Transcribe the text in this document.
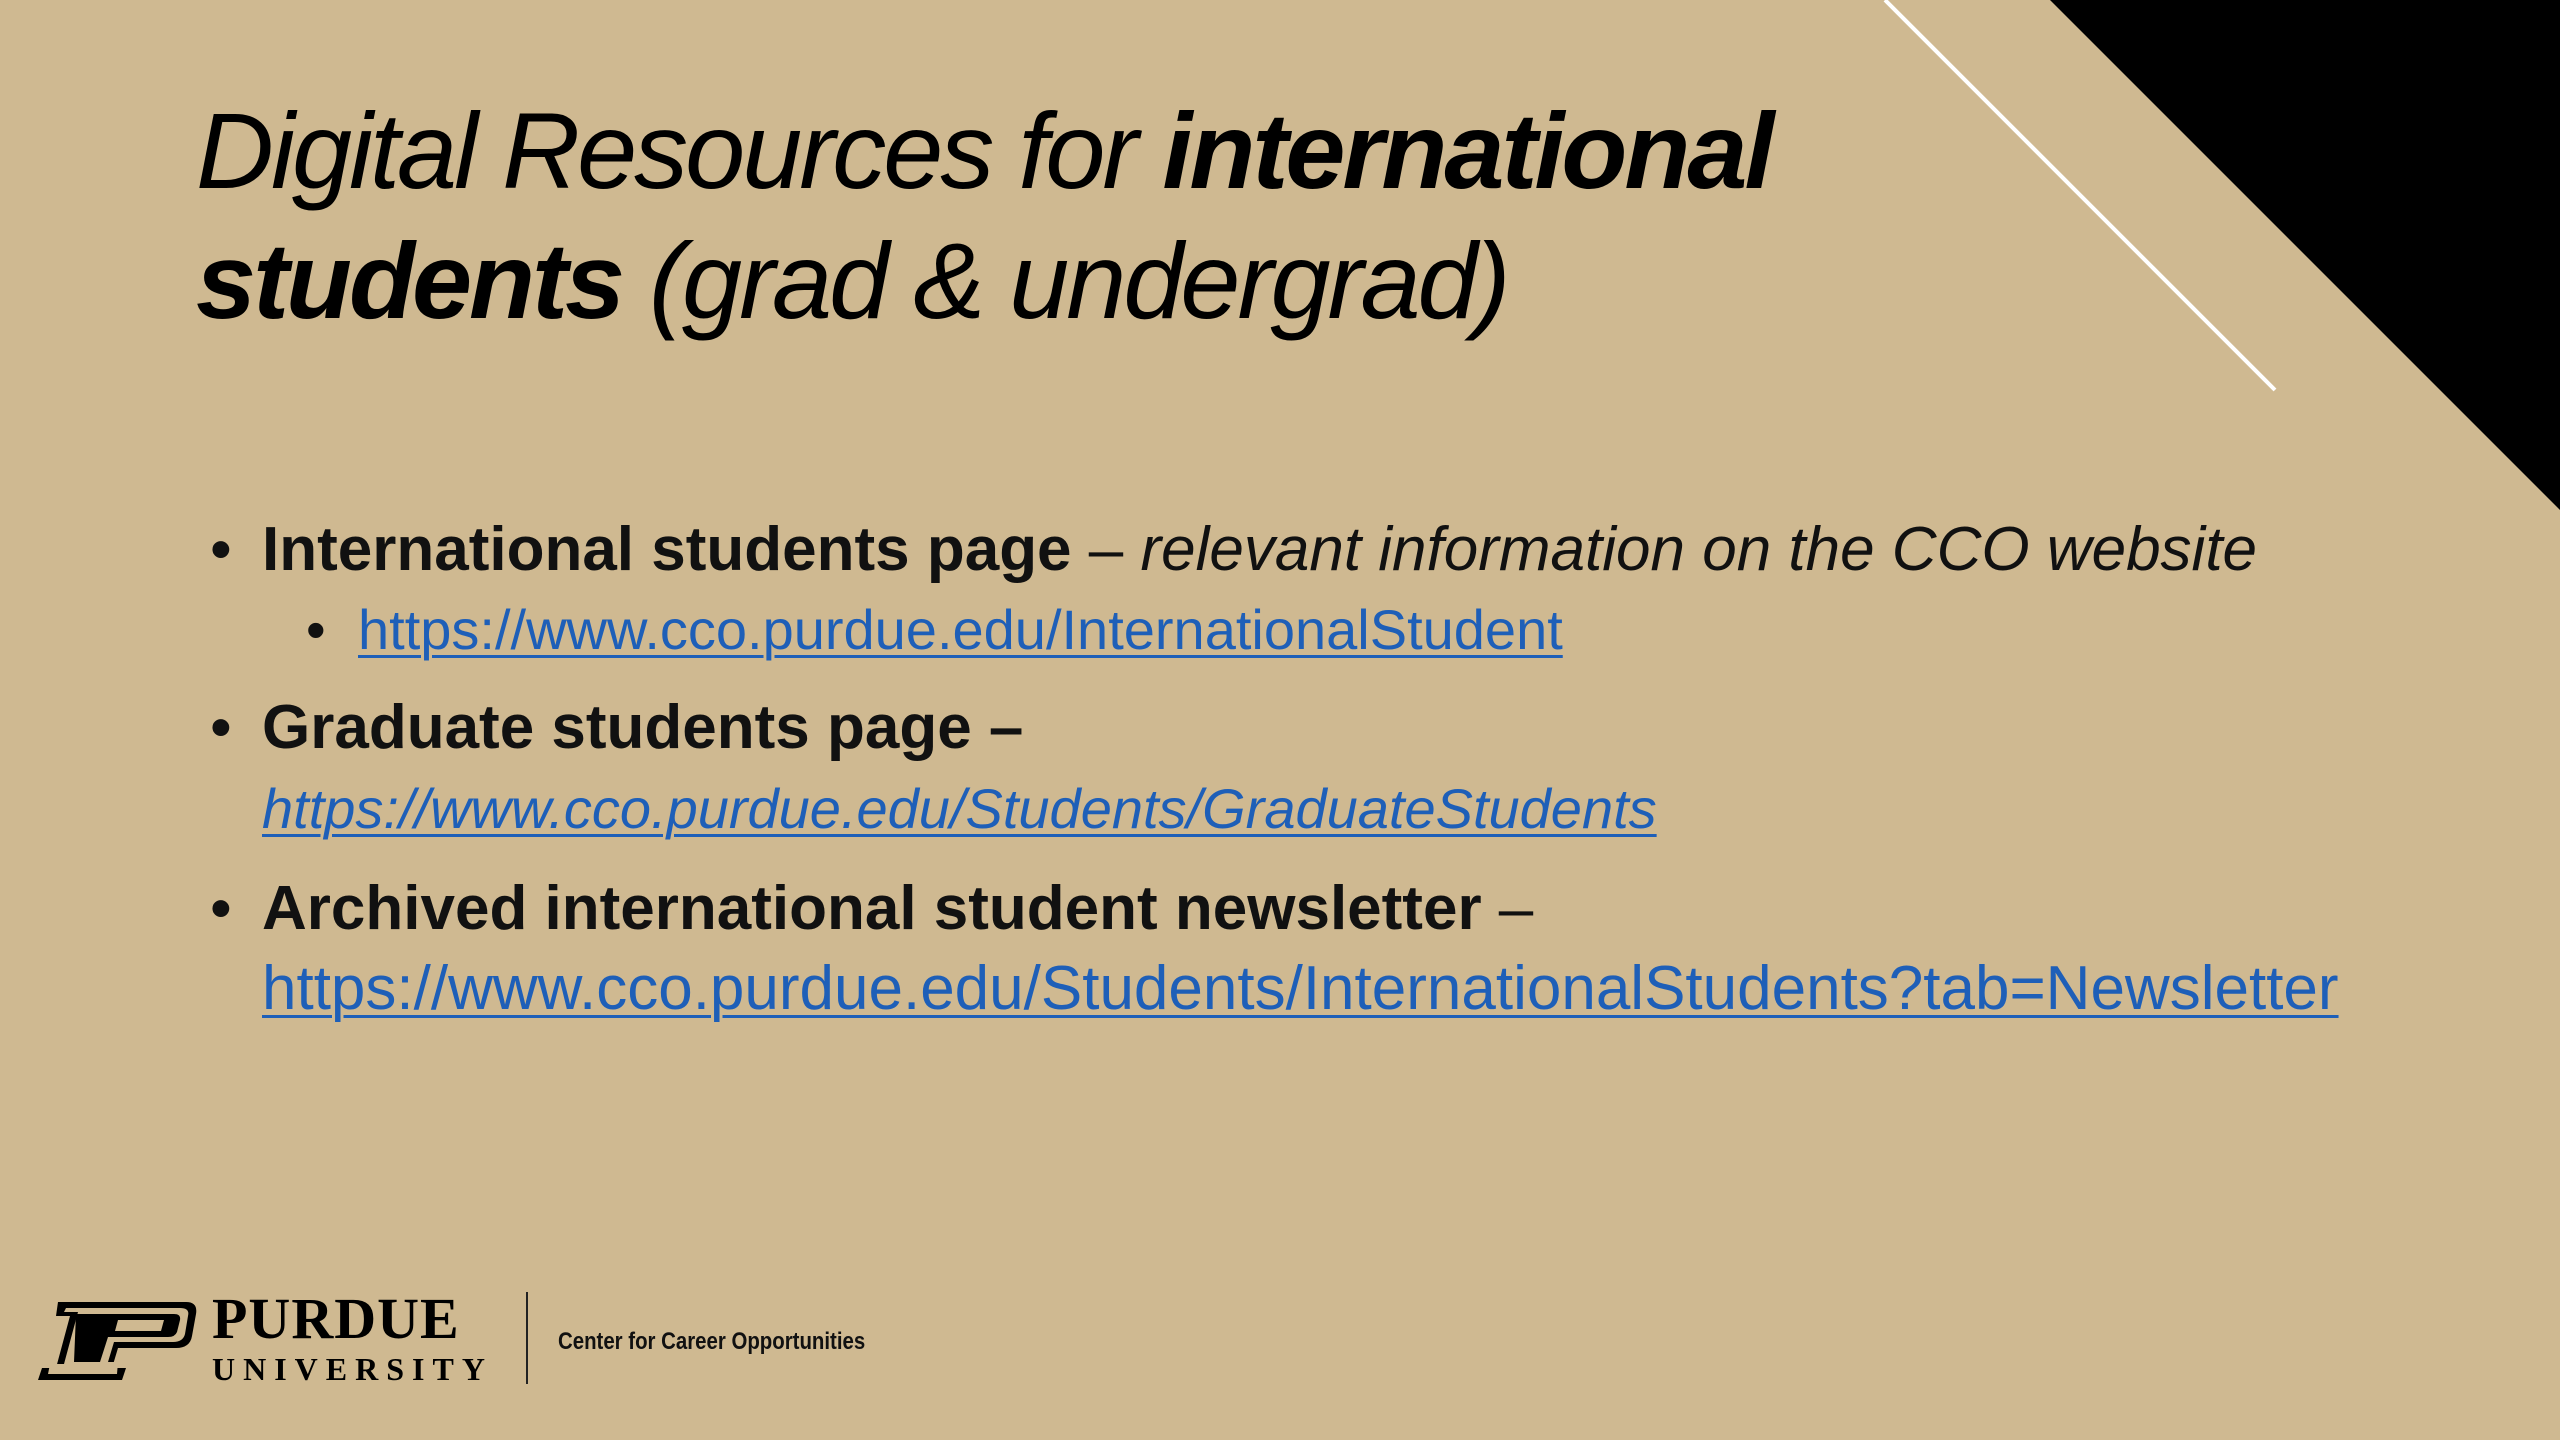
Digital Resources for international
students (grad & undergrad)
• International students page – relevant information on the CCO website
• https://www.cco.purdue.edu/InternationalStudent
• Graduate students page –
https://www.cco.purdue.edu/Students/GraduateStudents
• Archived international student newsletter –
https://www.cco.purdue.edu/Students/InternationalStudents?tab=Newsletter
PURDUE
UNIVERSITY
Center for Career Opportunities
